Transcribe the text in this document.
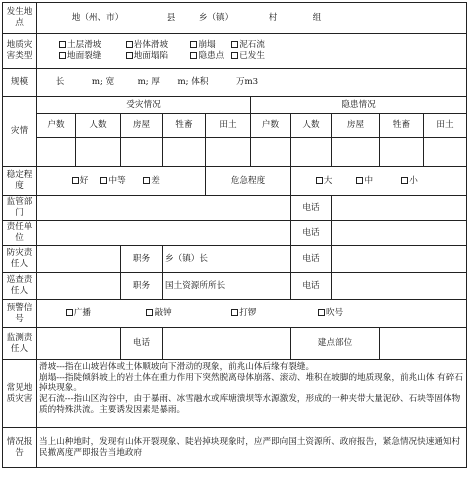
发生地点	地（州、市） 县 乡（镇） 村 组									
地质灾害类型	土层滑坡 岩体滑坡 崩塌 泥石流
地面裂缝 地面塌陷 隐患点 已发生									

规模	长 m; 宽 m; 厚 m; 体积 万m3									
灾情	受灾情况					隐患情况				
	户数	人数	房屋	牲畜	田土	户数	人数	房屋	牲畜	田土

稳定程度	好 中等 差				危急程度		大 中 小			
监管部门							电话			
责任单位							电话			
防灾责任人			职务	乡（镇）长			电话			
巡查责任人			职务	国土资源所所长			电话			
预警信号	广播 敲钟 打锣 吹号									
监测责任人			电话				建点部位			
常见地质灾害	滑坡---指在山坡岩体或土体顺坡向下滑动的现象，前兆山体后缘有裂缝。
崩塌---指陡倾斜坡上的岩土体在重力作用下突然脱离母体崩落、滚动、堆积在坡脚的地质现象，前兆山体 有碎石掉块现象。
泥石流---指山区沟谷中，由于暴雨、冰雪融水或库塘溃坝等水源激发，形成的一种夹带大量泥砂、石块等固体物质的特殊洪流。主要诱发因素是暴雨。									

情况报告	当上山种地时，发现有山体开裂现象、陡岩掉块现象时，应严即向国土资源所、政府报告，紧急情况快速通知村民撤离度严即报告当地政府									
